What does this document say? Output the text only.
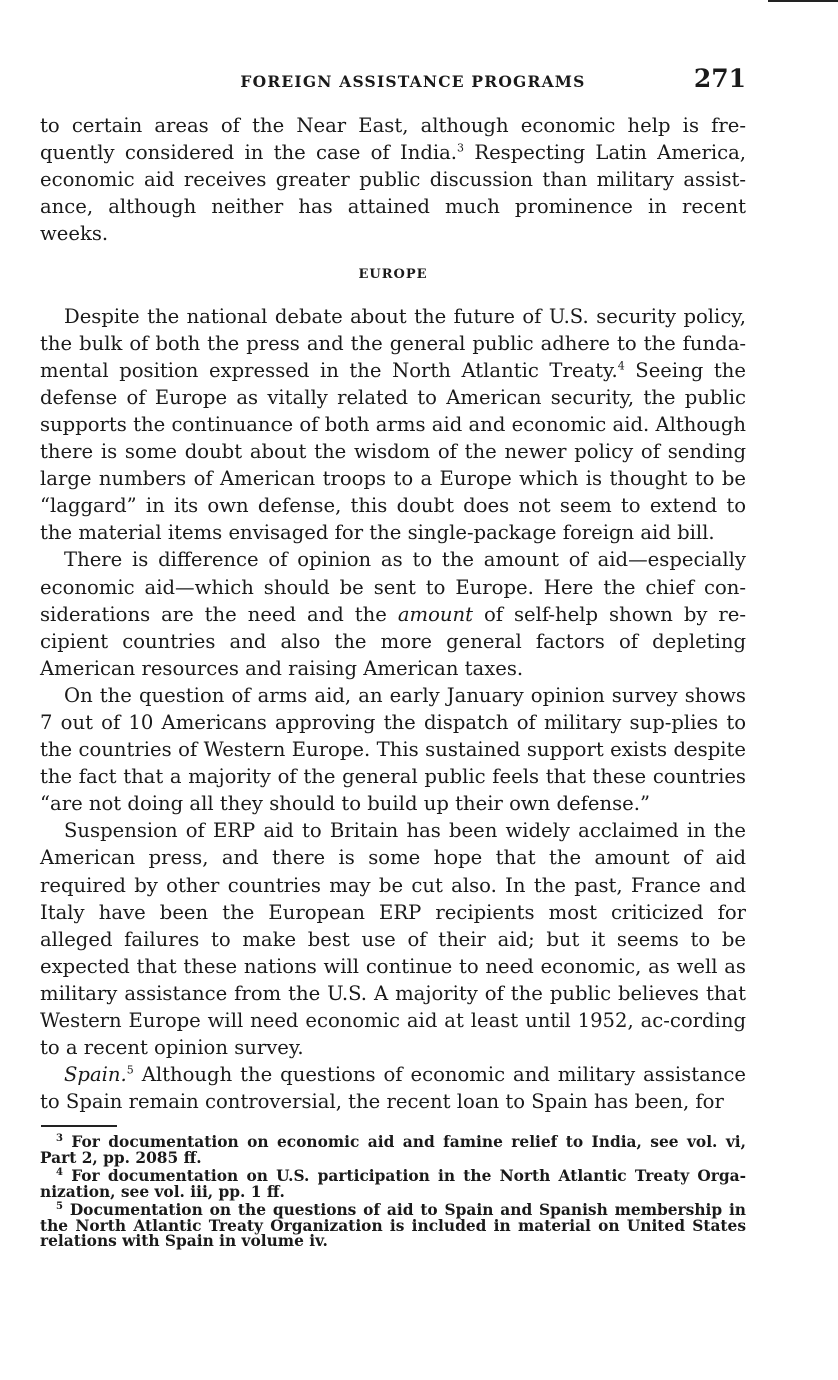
FOREIGN ASSISTANCE PROGRAMS	271

to certain areas of the Near East, although economic help is fre-quently considered in the case of India.$^3$ Respecting Latin America, economic aid receives greater public discussion than military assist-ance, although neither has attained much prominence in recent weeks.

EUROPE

Despite the national debate about the future of U.S. security policy, the bulk of both the press and the general public adhere to the funda-mental position expressed in the North Atlantic Treaty.$^4$ Seeing the defense of Europe as vitally related to American security, the public supports the continuance of both arms aid and economic aid. Although there is some doubt about the wisdom of the newer policy of sending large numbers of American troops to a Europe which is thought to be “laggard” in its own defense, this doubt does not seem to extend to the material items envisaged for the single-package foreign aid bill.

There is difference of opinion as to the amount of aid—especially economic aid—which should be sent to Europe. Here the chief con-siderations are the need and the amount of self-help shown by re-cipient countries and also the more general factors of depleting American resources and raising American taxes.

On the question of arms aid, an early January opinion survey shows 7 out of 10 Americans approving the dispatch of military sup-plies to the countries of Western Europe. This sustained support exists despite the fact that a majority of the general public feels that these countries “are not doing all they should to build up their own defense.”

Suspension of ERP aid to Britain has been widely acclaimed in the American press, and there is some hope that the amount of aid required by other countries may be cut also. In the past, France and Italy have been the European ERP recipients most criticized for alleged failures to make best use of their aid; but it seems to be expected that these nations will continue to need economic, as well as military assistance from the U.S. A majority of the public believes that Western Europe will need economic aid at least until 1952, ac-cording to a recent opinion survey.

Spain.$^5$ Although the questions of economic and military assistance to Spain remain controversial, the recent loan to Spain has been, for

$^3$ For documentation on economic aid and famine relief to India, see vol. vi, Part 2, pp. 2085 ff.

$^4$ For documentation on U.S. participation in the North Atlantic Treaty Orga-nization, see vol. iii, pp. 1 ff.

$^5$ Documentation on the questions of aid to Spain and Spanish membership in the North Atlantic Treaty Organization is included in material on United States relations with Spain in volume iv.
